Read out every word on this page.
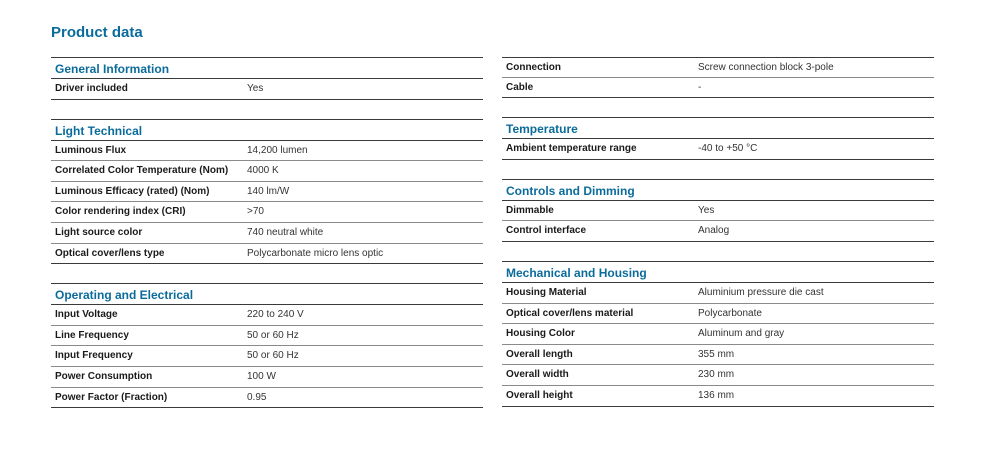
Product data
General Information
Driver included	Yes
Light Technical
Luminous Flux	14,200 lumen
Correlated Color Temperature (Nom)	4000 K
Luminous Efficacy (rated) (Nom)	140 lm/W
Color rendering index (CRI)	>70
Light source color	740 neutral white
Optical cover/lens type	Polycarbonate micro lens optic
Operating and Electrical
Input Voltage	220 to 240 V
Line Frequency	50 or 60 Hz
Input Frequency	50 or 60 Hz
Power Consumption	100 W
Power Factor (Fraction)	0.95
Connection	Screw connection block 3-pole
Cable	-
Temperature
Ambient temperature range	-40 to +50 °C
Controls and Dimming
Dimmable	Yes
Control interface	Analog
Mechanical and Housing
Housing Material	Aluminium pressure die cast
Optical cover/lens material	Polycarbonate
Housing Color	Aluminum and gray
Overall length	355 mm
Overall width	230 mm
Overall height	136 mm
